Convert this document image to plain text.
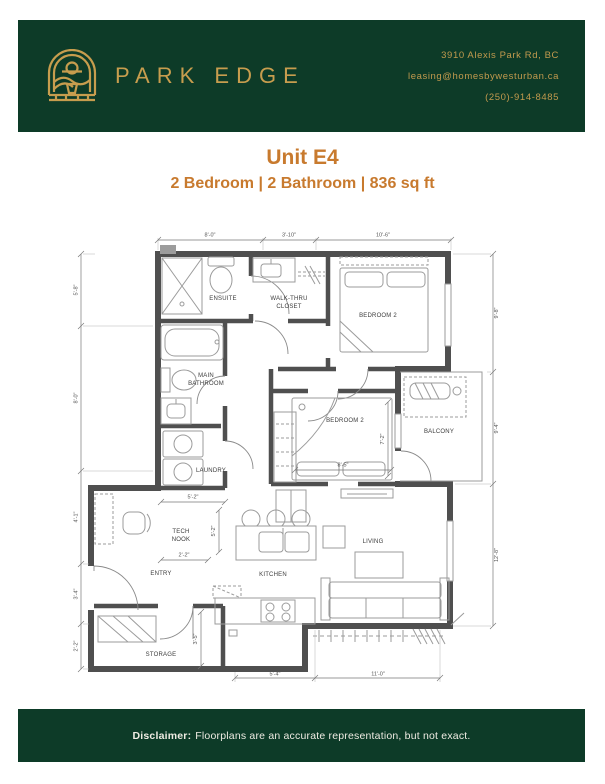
PARK EDGE
3910 Alexis Park Rd, BC
leasing@homesbywesturban.ca
(250)-914-8485
Unit E4
2 Bedroom | 2 Bathroom | 836 sq ft
ENSUITE	WALK-THRU
CLOSET
BEDROOM 2
MAIN
BATHROOM
LAUNDRY
BEDROOM 2
BALCONY
TECH
NOOK
ENTRY	KITCHEN
LIVING
STORAGE
8'-0"	3'-10"	10'-6"
5'-8"
8'-0"
4'-1"
3'-4"
2'-2"
9'-8"
9'-4"
12'-8"
5'-4"	11'-0"
5'-2"
5'-2"
2'-2"
3'-5"
8'-5"
7'-2"
Disclaimer: Floorplans are an accurate representation, but not exact.
